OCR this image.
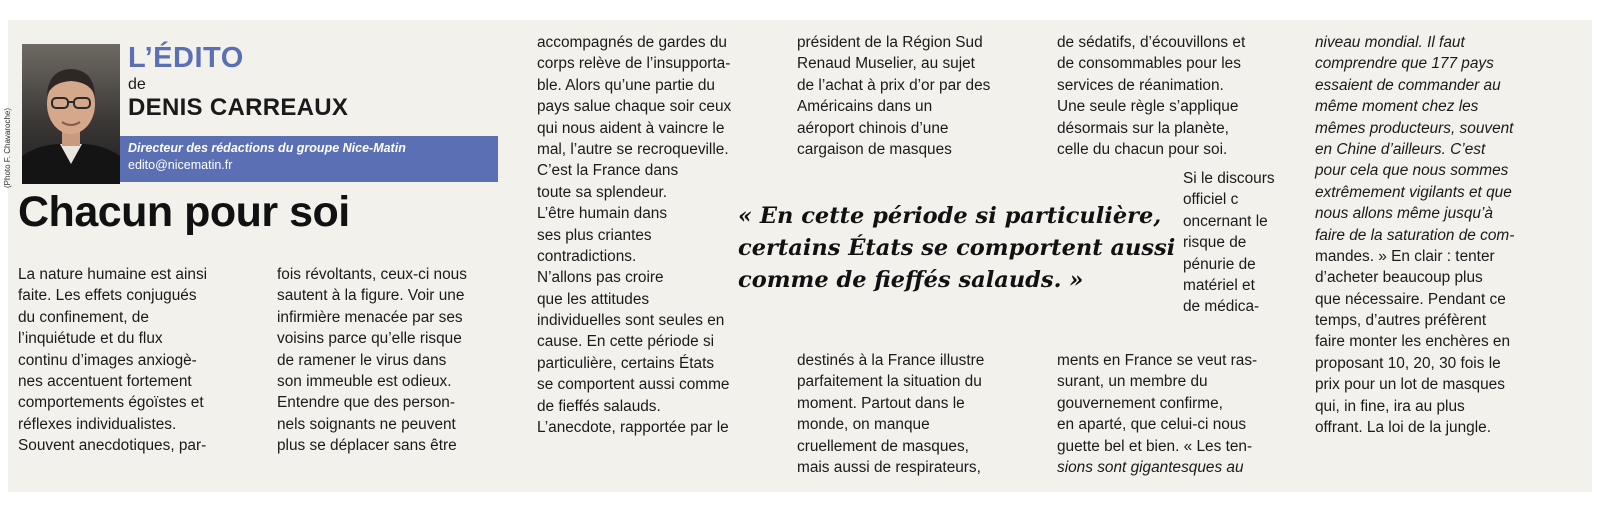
(Photo F. Chavaroche)
L’ÉDITO
de
DENIS CARREAUX
Directeur des rédactions du groupe Nice-Matin
edito@nicematin.fr
Chacun pour soi
La nature humaine est ainsi
faite. Les effets conjugués
du confinement, de
l’inquiétude et du flux
continu d’images anxiogè-
nes accentuent fortement
comportements égoïstes et
réflexes individualistes.
Souvent anecdotiques, par-
fois révoltants, ceux-ci nous
sautent à la figure. Voir une
infirmière menacée par ses
voisins parce qu’elle risque
de ramener le virus dans
son immeuble est odieux.
Entendre que des person-
nels soignants ne peuvent
plus se déplacer sans être
accompagnés de gardes du
corps relève de l’insupporta-
ble. Alors qu’une partie du
pays salue chaque soir ceux
qui nous aident à vaincre le
mal, l’autre se recroqueville.
C’est la France dans
toute sa splendeur.
L’être humain dans
ses plus criantes
contradictions.
N’allons pas croire
que les attitudes
individuelles sont seules en
cause. En cette période si
particulière, certains États
se comportent aussi comme
de fieffés salauds.
L’anecdote, rapportée par le
président de la Région Sud
Renaud Muselier, au sujet
de l’achat à prix d’or par des
Américains dans un
aéroport chinois d’une
cargaison de masques
de sédatifs, d’écouvillons et
de consommables pour les
services de réanimation.
Une seule règle s’applique
désormais sur la planète,
celle du chacun pour soi.
« En cette période si particulière,
certains États se comportent aussi
comme de fieffés salauds. »
Si le discours
officiel c
oncernant le
risque de
pénurie de
matériel et
de médica-
destinés à la France illustre
parfaitement la situation du
moment. Partout dans le
monde, on manque
cruellement de masques,
mais aussi de respirateurs,
ments en France se veut ras-
surant, un membre du
gouvernement confirme,
en aparté, que celui-ci nous
guette bel et bien. « Les ten-
sions sont gigantesques au
niveau mondial. Il faut
comprendre que 177 pays
essaient de commander au
même moment chez les
mêmes producteurs, souvent
en Chine d’ailleurs. C’est
pour cela que nous sommes
extrêmement vigilants et que
nous allons même jusqu’à
faire de la saturation de com-
mandes. » En clair : tenter
d’acheter beaucoup plus
que nécessaire. Pendant ce
temps, d’autres préfèrent
faire monter les enchères en
proposant 10, 20, 30 fois le
prix pour un lot de masques
qui, in fine, ira au plus
offrant. La loi de la jungle.
